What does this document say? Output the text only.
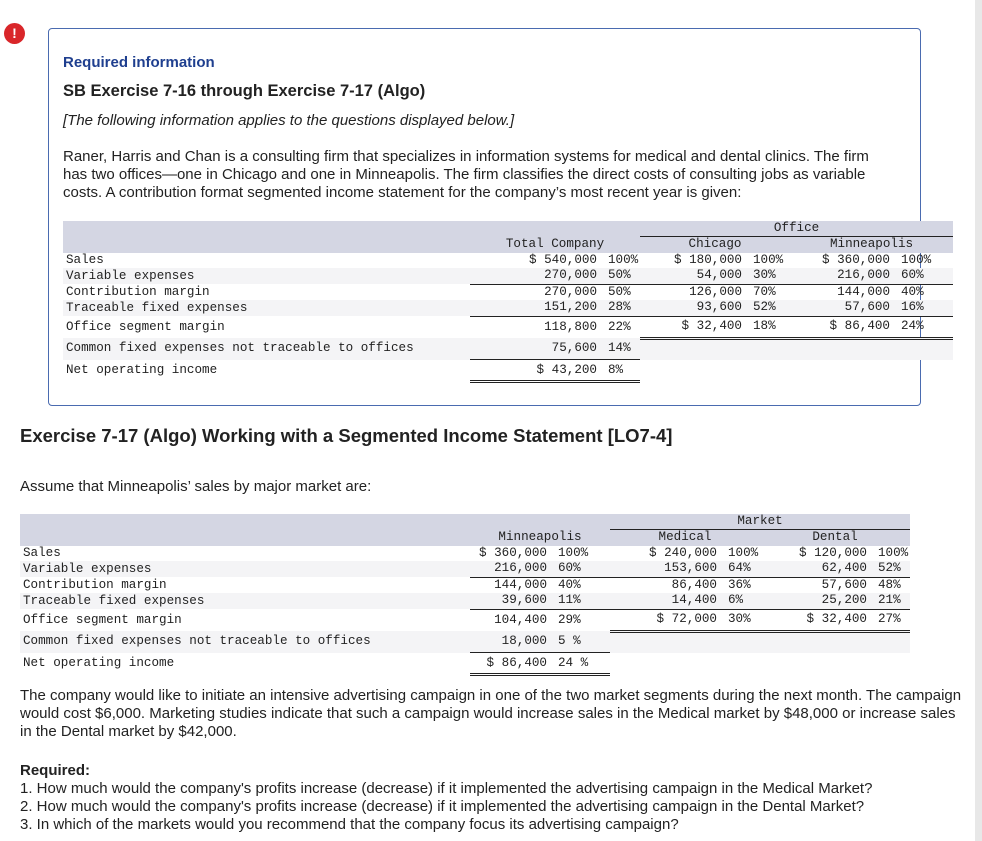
!
Required information
SB Exercise 7-16 through Exercise 7-17 (Algo)
[The following information applies to the questions displayed below.]
Raner, Harris and Chan is a consulting firm that specializes in information systems for medical and dental clinics. The firm has two offices—one in Chicago and one in Minneapolis. The firm classifies the direct costs of consulting jobs as variable costs. A contribution format segmented income statement for the company’s most recent year is given:
			Office			
	Total Company		Chicago		Minneapolis	
Sales	$ 540,000	100%	$ 180,000	100%	$ 360,000	100%
Variable expenses	270,000	50%	54,000	30%	216,000	60%
Contribution margin	270,000	50%	126,000	70%	144,000	40%
Traceable fixed expenses	151,200	28%	93,600	52%	57,600	16%
Office segment margin	118,800	22%	$ 32,400	18%	$ 86,400	24%
Common fixed expenses not traceable to offices	75,600	14%				
Net operating income	$ 43,200	8%				
Exercise 7-17 (Algo) Working with a Segmented Income Statement [LO7-4]
Assume that Minneapolis’ sales by major market are:
			Market			
	Minneapolis		Medical		Dental	
Sales	$ 360,000	100%	$ 240,000	100%	$ 120,000	100%
Variable expenses	216,000	60%	153,600	64%	62,400	52%
Contribution margin	144,000	40%	86,400	36%	57,600	48%
Traceable fixed expenses	39,600	11%	14,400	6%	25,200	21%
Office segment margin	104,400	29%	$ 72,000	30%	$ 32,400	27%
Common fixed expenses not traceable to offices	18,000	5 %				
Net operating income	$ 86,400	24 %				
The company would like to initiate an intensive advertising campaign in one of the two market segments during the next month. The campaign would cost $6,000. Marketing studies indicate that such a campaign would increase sales in the Medical market by $48,000 or increase sales in the Dental market by $42,000.
Required:
1. How much would the company's profits increase (decrease) if it implemented the advertising campaign in the Medical Market?
2. How much would the company's profits increase (decrease) if it implemented the advertising campaign in the Dental Market?
3. In which of the markets would you recommend that the company focus its advertising campaign?
